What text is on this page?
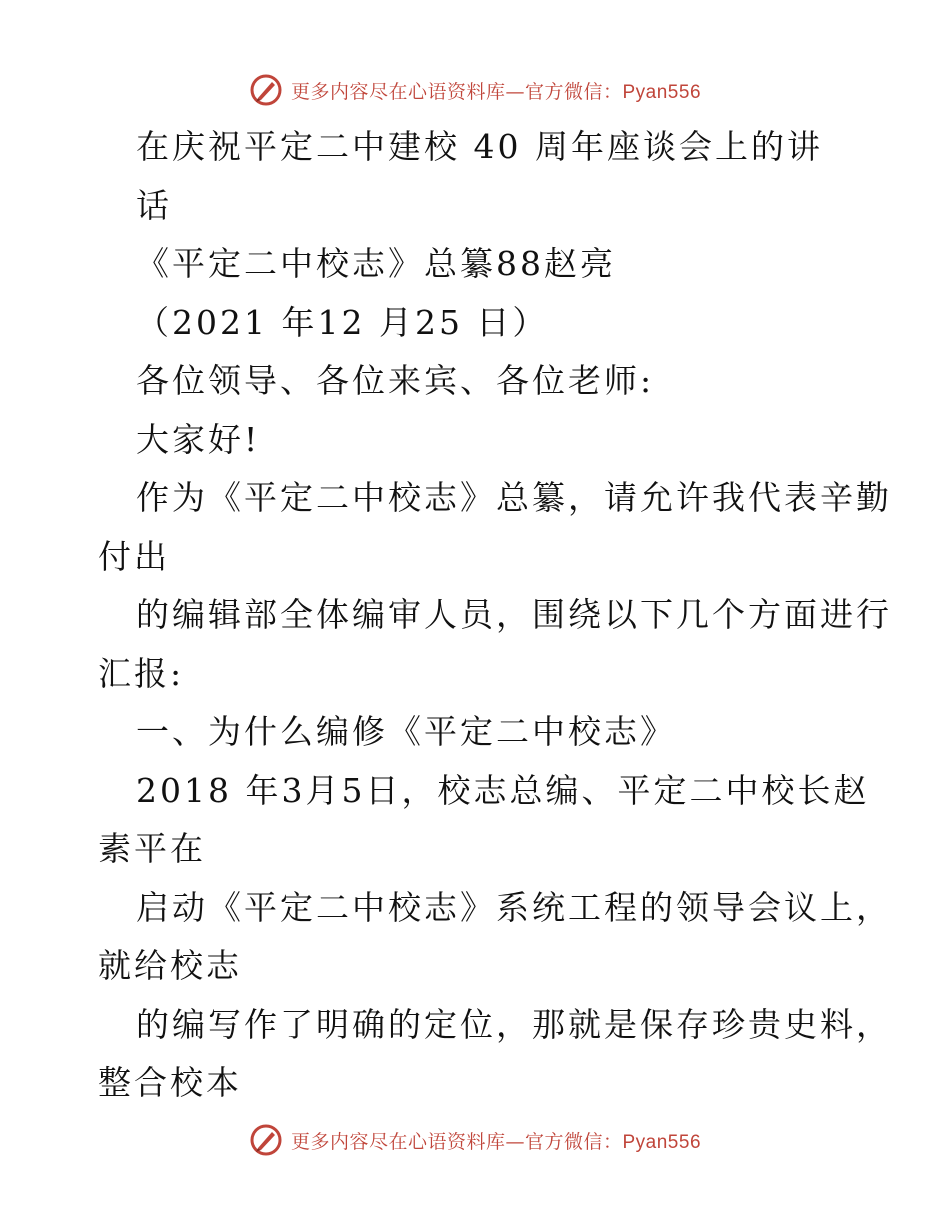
更多内容尽在心语资料库—官方微信：Pyan556
在庆祝平定二中建校 40 周年座谈会上的讲
话
《平定二中校志》总纂88赵亮
（2021 年12 月25 日）
各位领导、各位来宾、各位老师:
大家好!
作为《平定二中校志》总纂，请允许我代表辛勤
付出
的编辑部全体编审人员，围绕以下几个方面进行
汇报:
一、为什么编修《平定二中校志》
2018 年3月5日，校志总编、平定二中校长赵
素平在
启动《平定二中校志》系统工程的领导会议上，
就给校志
的编写作了明确的定位，那就是保存珍贵史料，
整合校本
更多内容尽在心语资料库—官方微信：Pyan556
